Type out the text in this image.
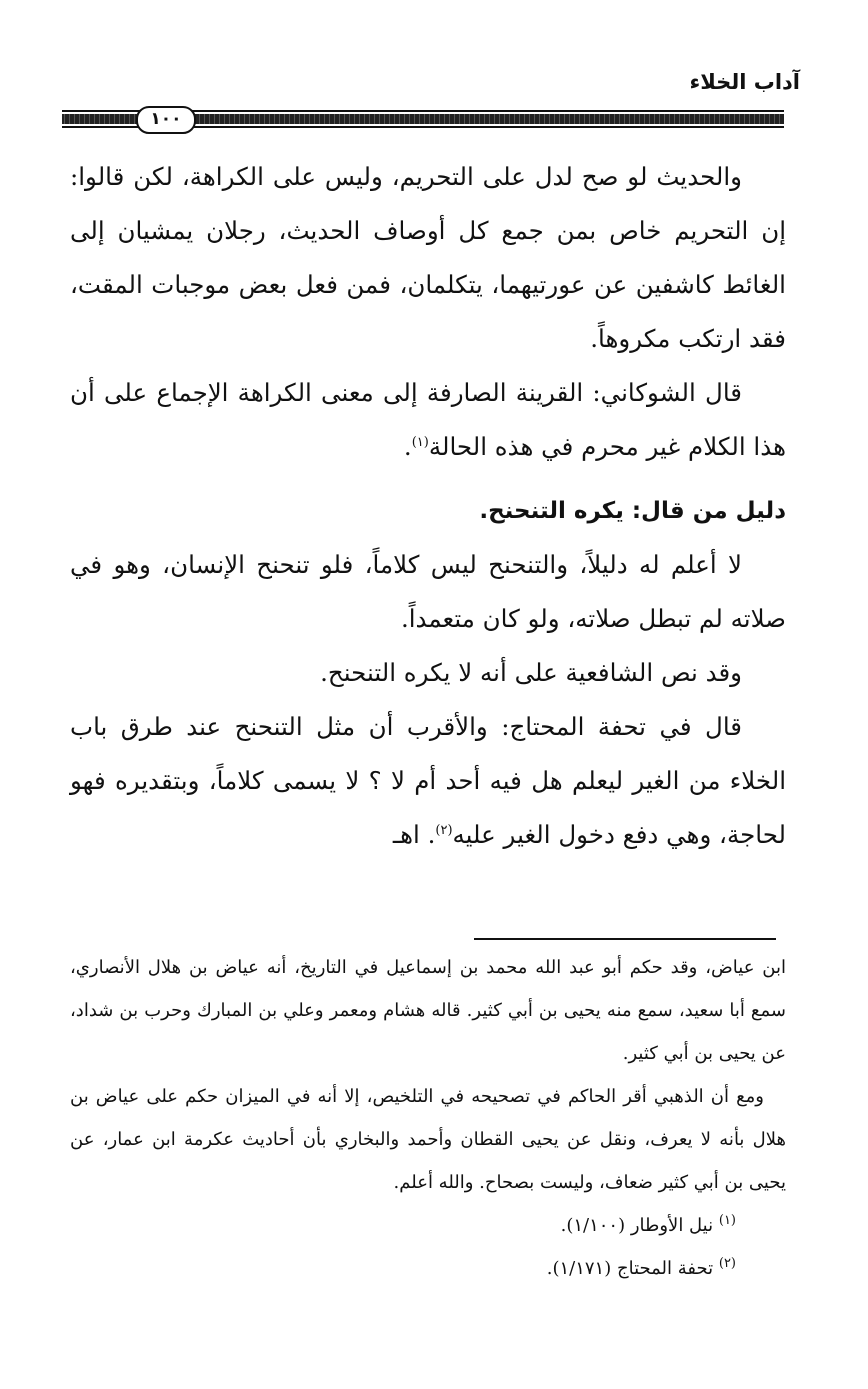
آداب الخلاء
١٠٠

والحديث لو صح لدل على التحريم، وليس على الكراهة، لكن قالوا: إن التحريم خاص بمن جمع كل أوصاف الحديث، رجلان يمشيان إلى الغائط كاشفين عن عورتيهما، يتكلمان، فمن فعل بعض موجبات المقت، فقد ارتكب مكروهاً.

قال الشوكاني: القرينة الصارفة إلى معنى الكراهة الإجماع على أن هذا الكلام غير محرم في هذه الحالة$^{(١)}$.

دليل من قال: يكره التنحنح.

لا أعلم له دليلاً، والتنحنح ليس كلاماً، فلو تنحنح الإنسان، وهو في صلاته لم تبطل صلاته، ولو كان متعمداً.

وقد نص الشافعية على أنه لا يكره التنحنح.

قال في تحفة المحتاج: والأقرب أن مثل التنحنح عند طرق باب الخلاء من الغير ليعلم هل فيه أحد أم لا ؟ لا يسمى كلاماً، وبتقديره فهو لحاجة، وهي دفع دخول الغير عليه$^{(٢)}$. اهـ

ابن عياض، وقد حكم أبو عبد الله محمد بن إسماعيل في التاريخ، أنه عياض بن هلال الأنصاري، سمع أبا سعيد، سمع منه يحيى بن أبي كثير. قاله هشام ومعمر وعلي بن المبارك وحرب بن شداد، عن يحيى بن أبي كثير.

ومع أن الذهبي أقر الحاكم في تصحيحه في التلخيص، إلا أنه في الميزان حكم على عياض بن هلال بأنه لا يعرف، ونقل عن يحيى القطان وأحمد والبخاري بأن أحاديث عكرمة ابن عمار، عن يحيى بن أبي كثير ضعاف، وليست بصحاح. والله أعلم.

$^{(١)}$ نيل الأوطار (١/١٠٠).

$^{(٢)}$ تحفة المحتاج (١/١٧١).
